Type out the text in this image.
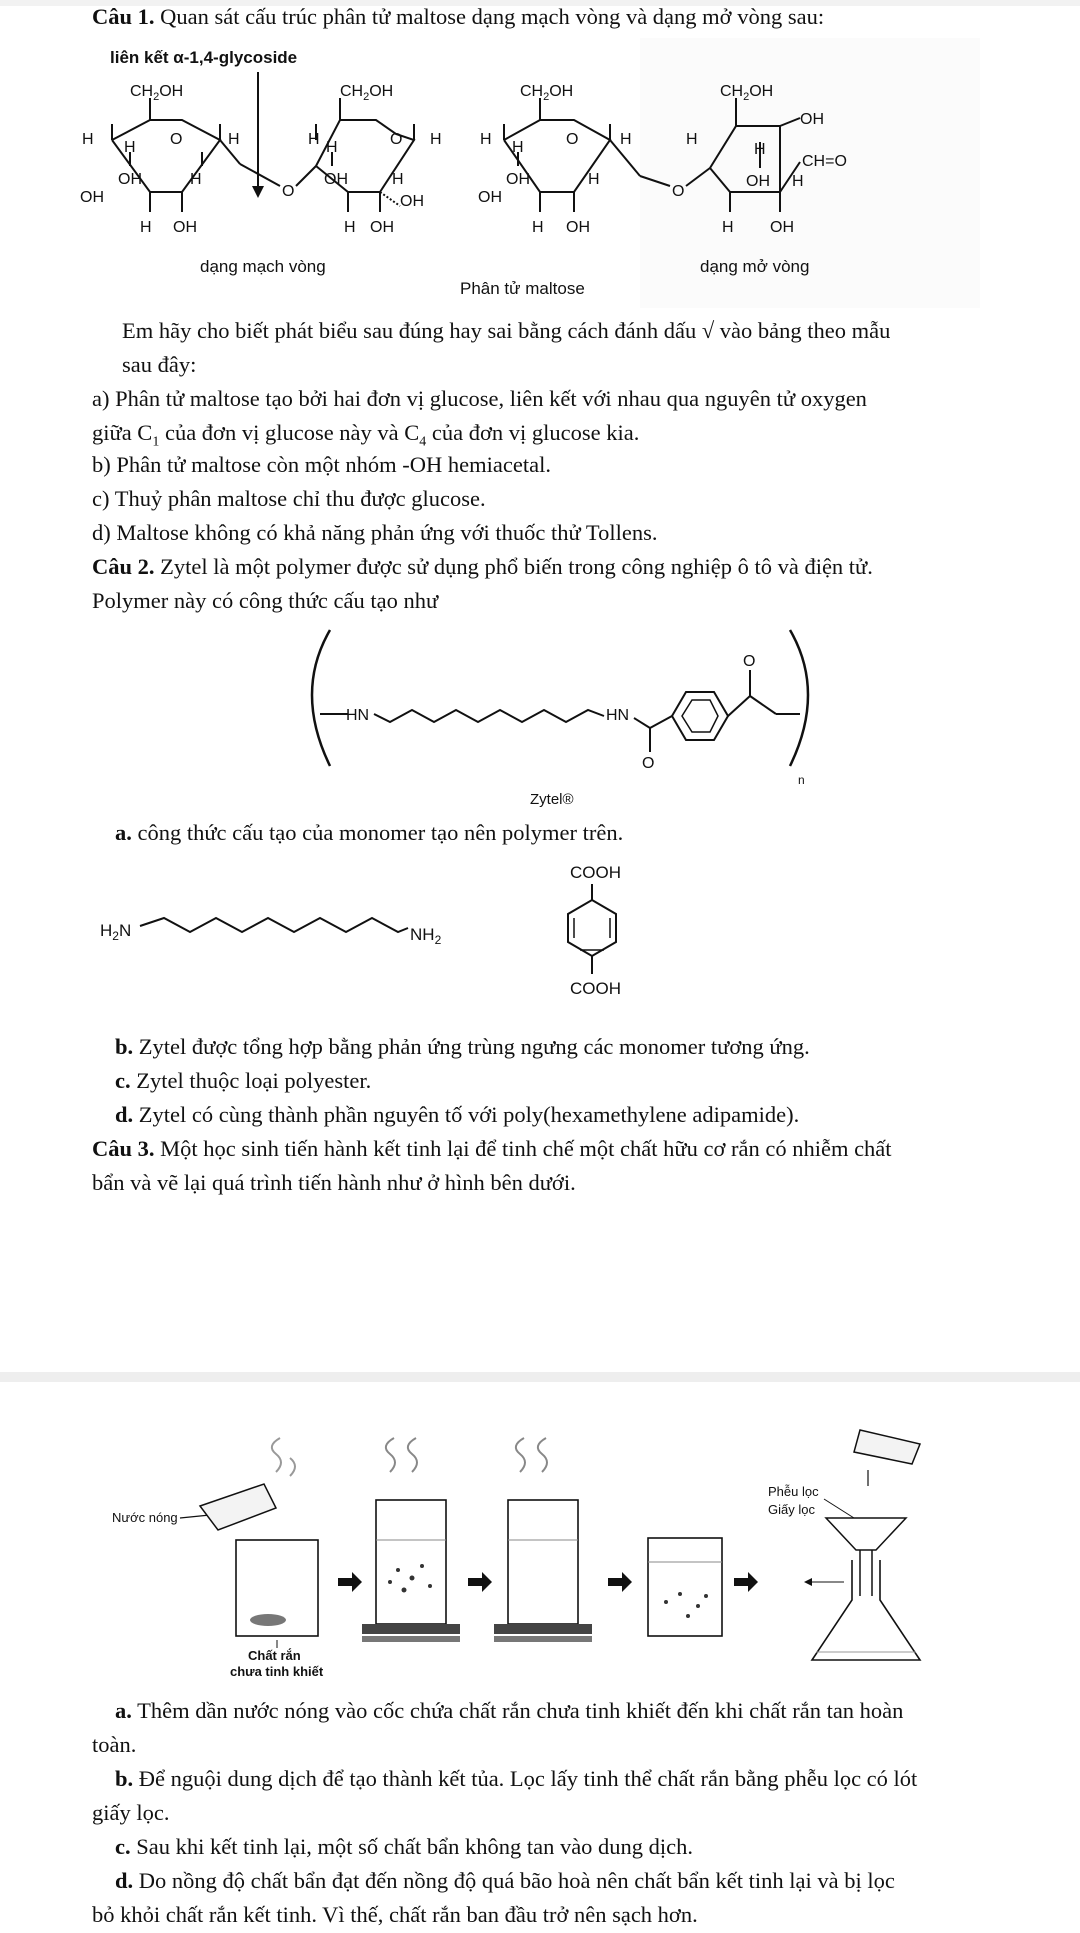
Câu 1. Quan sát cấu trúc phân tử maltose dạng mạch vòng và dạng mở vòng sau:
liên kết α-1,4-glycoside
$CH_2OH$
H	O	H
H
OH	H
OH
H OH
O
$CH_2OH$
H	O H
H
OH	H
OH
H OH
$CH_2OH$
H	O	H
H
OH	H
OH
H OH
O
$CH_2OH$
H
OH
H
OH H
CH=O
H OH
dạng mạch vòng	dạng mở vòng
Phân tử maltose
Em hãy cho biết phát biểu sau đúng hay sai bằng cách đánh dấu √ vào bảng theo mẫu
sau đây:
a) Phân tử maltose tạo bởi hai đơn vị glucose, liên kết với nhau qua nguyên tử oxygen
giữa $C_1$ của đơn vị glucose này và $C_4$ của đơn vị glucose kia.
b) Phân tử maltose còn một nhóm -OH hemiacetal.
c) Thuỷ phân maltose chỉ thu được glucose.
d) Maltose không có khả năng phản ứng với thuốc thử Tollens.
Câu 2. Zytel là một polymer được sử dụng phổ biến trong công nghiệp ô tô và điện tử.
Polymer này có công thức cấu tạo như
HN	HN
O
O
n
Zytel®
a. công thức cấu tạo của monomer tạo nên polymer trên.
$H_2N$	$NH_2$
COOH
COOH
b. Zytel được tổng hợp bằng phản ứng trùng ngưng các monomer tương ứng.
c. Zytel thuộc loại polyester.
d. Zytel có cùng thành phần nguyên tố với poly(hexamethylene adipamide).
Câu 3. Một học sinh tiến hành kết tinh lại để tinh chế một chất hữu cơ rắn có nhiễm chất
bẩn và vẽ lại quá trình tiến hành như ở hình bên dưới.
Nước nóng
Chất rắn
chưa tinh khiết
Phễu lọc
Giấy lọc
a. Thêm dần nước nóng vào cốc chứa chất rắn chưa tinh khiết đến khi chất rắn tan hoàn
toàn.
b. Để nguội dung dịch để tạo thành kết tủa. Lọc lấy tinh thể chất rắn bằng phễu lọc có lót
giấy lọc.
c. Sau khi kết tinh lại, một số chất bẩn không tan vào dung dịch.
d. Do nồng độ chất bẩn đạt đến nồng độ quá bão hoà nên chất bẩn kết tinh lại và bị lọc
bỏ khỏi chất rắn kết tinh. Vì thế, chất rắn ban đầu trở nên sạch hơn.
